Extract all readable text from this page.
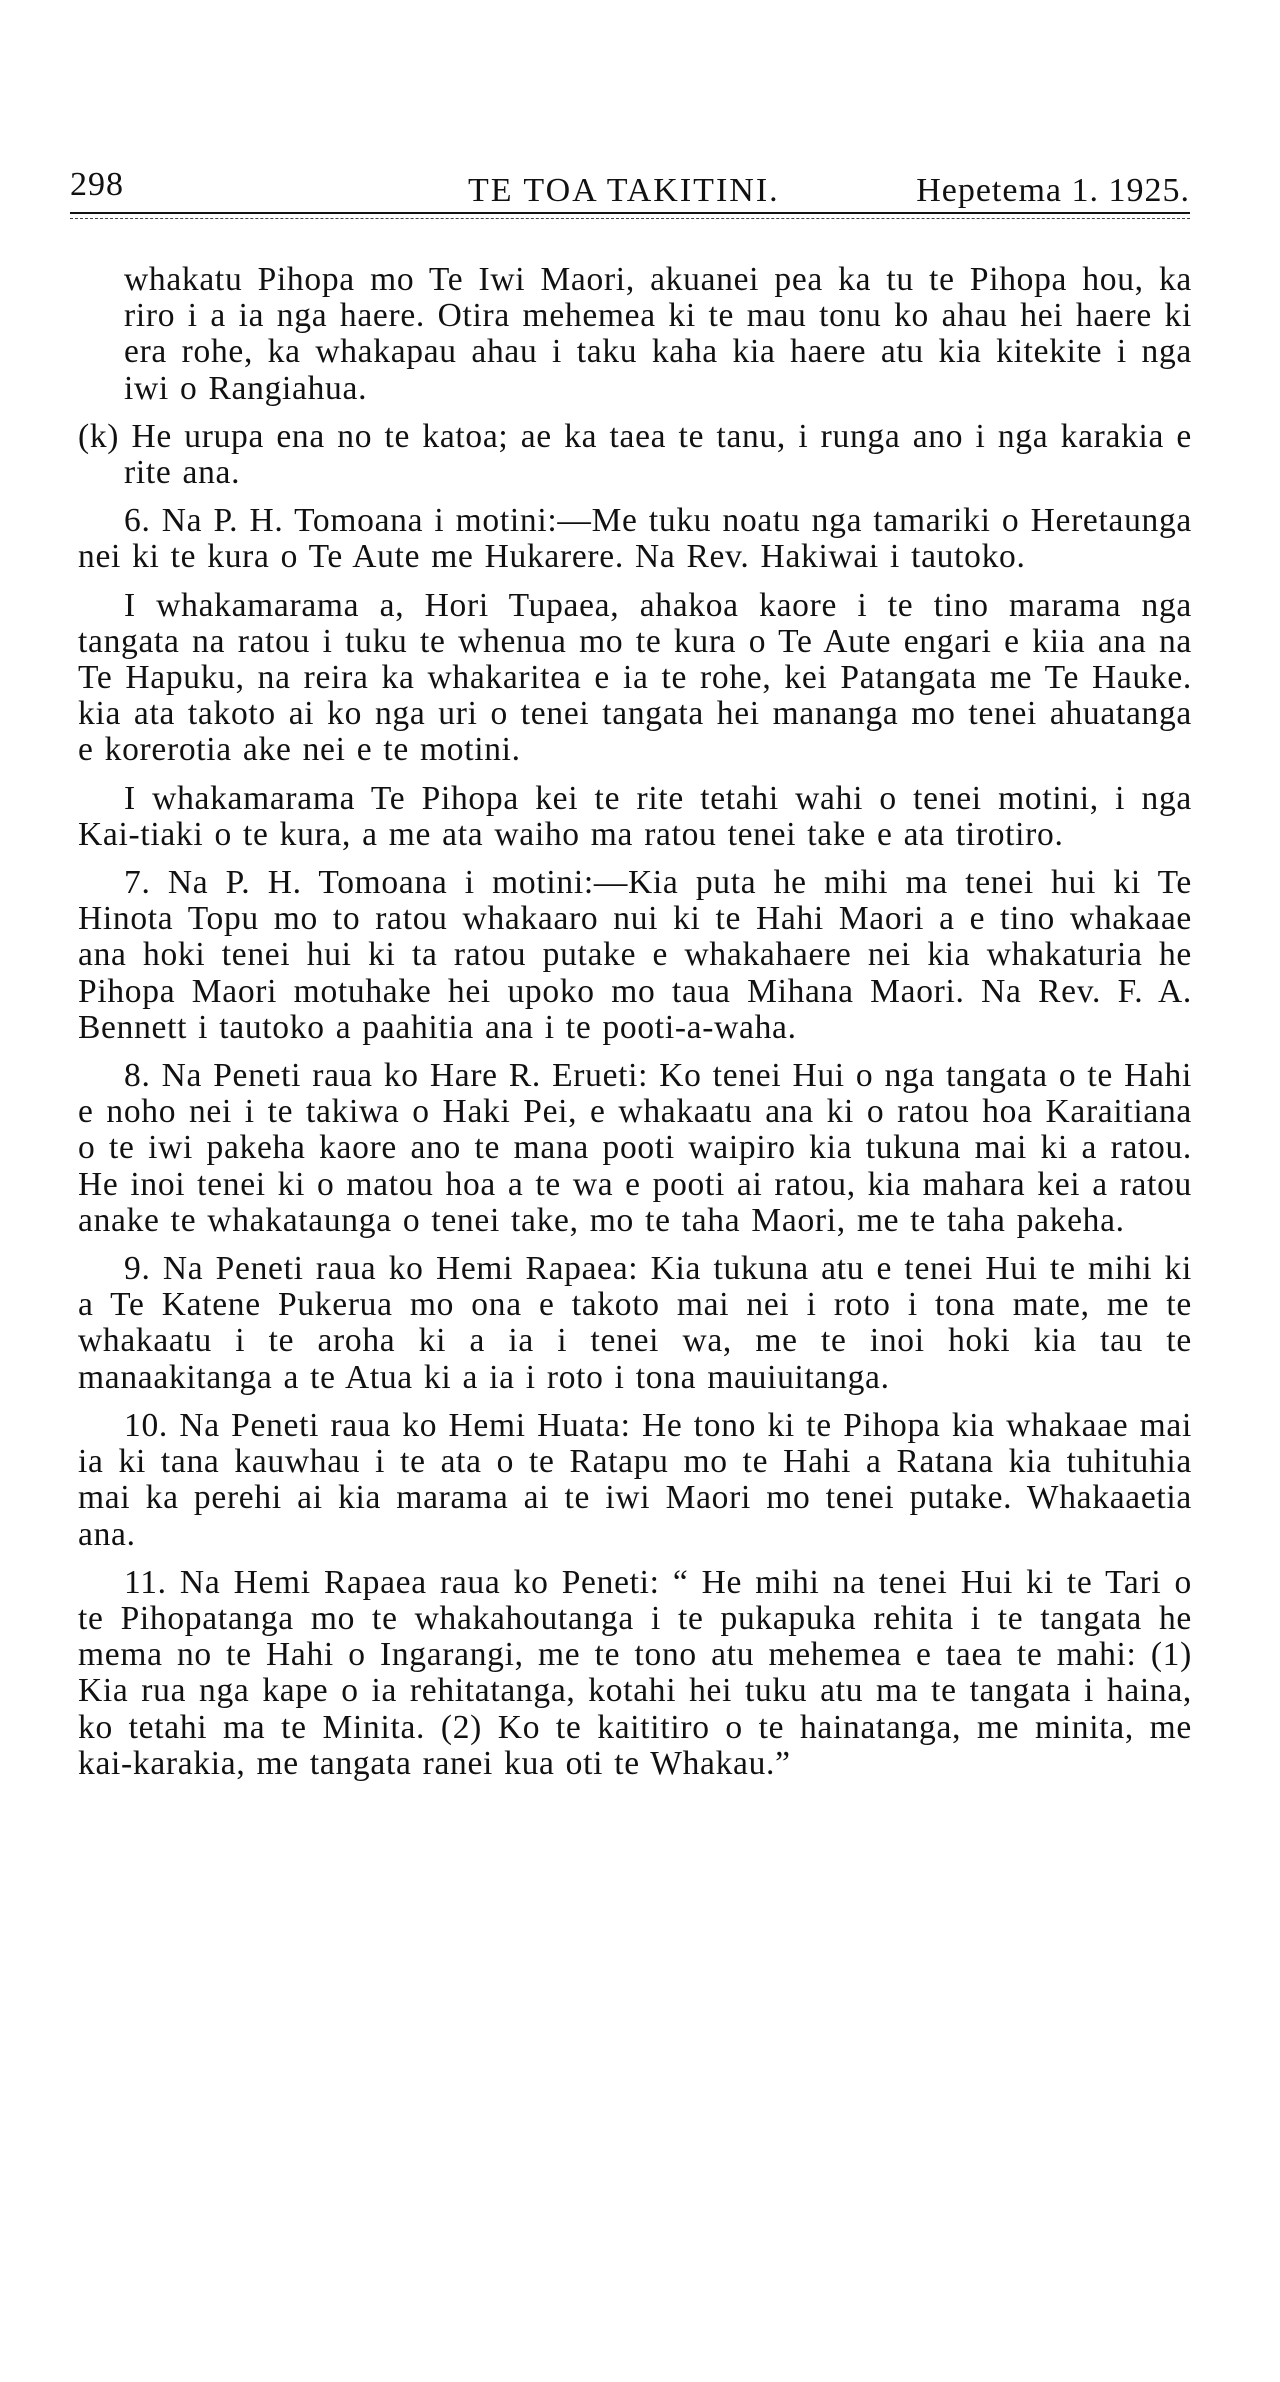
298	TE TOA TAKITINI.	Hepetema 1. 1925.

whakatu Pihopa mo Te Iwi Maori, akuanei pea ka tu te Pihopa hou, ka riro i a ia nga haere. Otira mehemea ki te mau tonu ko ahau hei haere ki era rohe, ka whakapau ahau i taku kaha kia haere atu kia kitekite i nga iwi o Rangiahua.

(k) He urupa ena no te katoa; ae ka taea te tanu, i runga ano i nga karakia e rite ana.

6. Na P. H. Tomoana i motini:—Me tuku noatu nga tamariki o Heretaunga nei ki te kura o Te Aute me Hukarere. Na Rev. Hakiwai i tautoko.

I whakamarama a, Hori Tupaea, ahakoa kaore i te tino marama nga tangata na ratou i tuku te whenua mo te kura o Te Aute engari e kiia ana na Te Hapuku, na reira ka whakaritea e ia te rohe, kei Patangata me Te Hauke. kia ata takoto ai ko nga uri o tenei tangata hei mananga mo tenei ahuatanga e korerotia ake nei e te motini.

I whakamarama Te Pihopa kei te rite tetahi wahi o tenei motini, i nga Kai-tiaki o te kura, a me ata waiho ma ratou tenei take e ata tirotiro.

7. Na P. H. Tomoana i motini:—Kia puta he mihi ma tenei hui ki Te Hinota Topu mo to ratou whakaaro nui ki te Hahi Maori a e tino whakaae ana hoki tenei hui ki ta ratou putake e whakahaere nei kia whakaturia he Pihopa Maori motuhake hei upoko mo taua Mihana Maori. Na Rev. F. A. Bennett i tautoko a paahitia ana i te pooti-a-waha.

8. Na Peneti raua ko Hare R. Erueti: Ko tenei Hui o nga tangata o te Hahi e noho nei i te takiwa o Haki Pei, e whakaatu ana ki o ratou hoa Karaitiana o te iwi pakeha kaore ano te mana pooti waipiro kia tukuna mai ki a ratou. He inoi tenei ki o matou hoa a te wa e pooti ai ratou, kia mahara kei a ratou anake te whakataunga o tenei take, mo te taha Maori, me te taha pakeha.

9. Na Peneti raua ko Hemi Rapaea: Kia tukuna atu e tenei Hui te mihi ki a Te Katene Pukerua mo ona e takoto mai nei i roto i tona mate, me te whakaatu i te aroha ki a ia i tenei wa, me te inoi hoki kia tau te manaakitanga a te Atua ki a ia i roto i tona mauiuitanga.

10. Na Peneti raua ko Hemi Huata: He tono ki te Pihopa kia whakaae mai ia ki tana kauwhau i te ata o te Ratapu mo te Hahi a Ratana kia tuhituhia mai ka perehi ai kia marama ai te iwi Maori mo tenei putake. Whakaaetia ana.

11. Na Hemi Rapaea raua ko Peneti: “ He mihi na tenei Hui ki te Tari o te Pihopatanga mo te whakahoutanga i te pukapuka rehita i te tangata he mema no te Hahi o Ingarangi, me te tono atu mehemea e taea te mahi: (1) Kia rua nga kape o ia rehitatanga, kotahi hei tuku atu ma te tangata i haina, ko tetahi ma te Minita. (2) Ko te kaititiro o te hainatanga, me minita, me kai-karakia, me tangata ranei kua oti te Whakau.”
